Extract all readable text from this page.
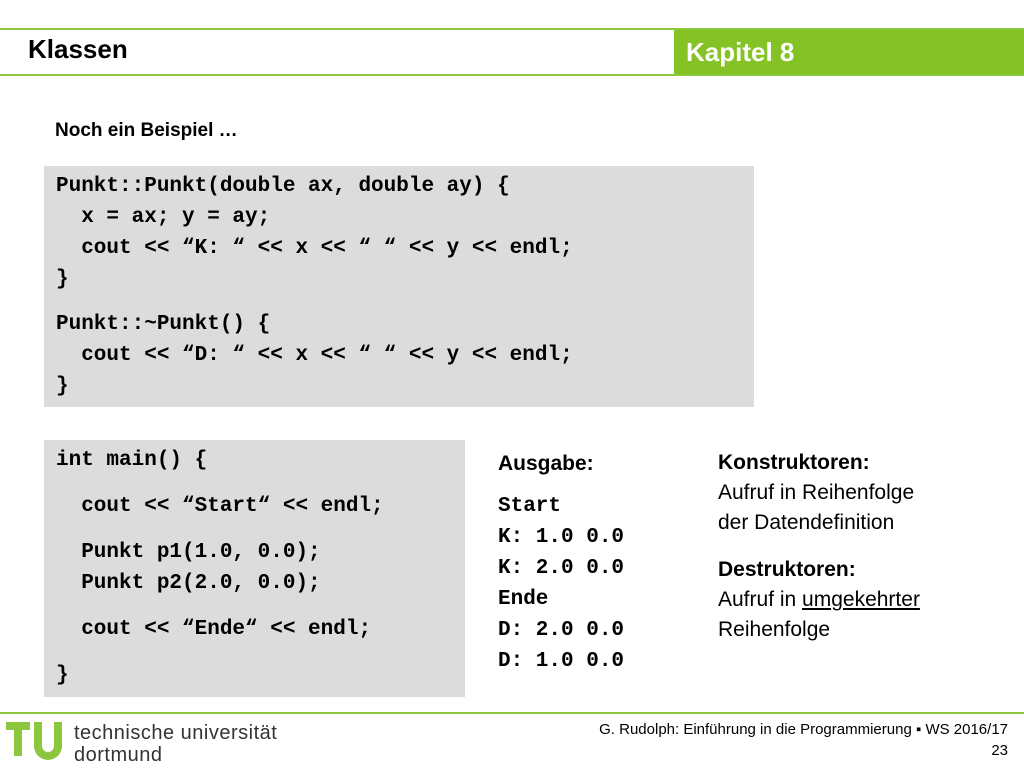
Klassen	Kapitel 8
Noch ein Beispiel …

Punkt::Punkt(double ax, double ay) {

x = ax; y = ay;

cout << “K: “ << x << “ “ << y << endl;

}

Punkt::~Punkt() {

cout << “D: “ << x << “ “ << y << endl;

}

int main() {

cout << “Start“ << endl;

Punkt p1(1.0, 0.0);

Punkt p2(2.0, 0.0);

cout << “Ende“ << endl;

}

Ausgabe:
Start
K: 1.0 0.0
K: 2.0 0.0
Ende
D: 2.0 0.0
D: 1.0 0.0
Konstruktoren:
Aufruf in Reihenfolge
der Datendefinition
Destruktoren:
Aufruf in umgekehrter
Reihenfolge
technische universität
dortmund
G. Rudolph: Einführung in die Programmierung ▪ WS 2016/17
23
